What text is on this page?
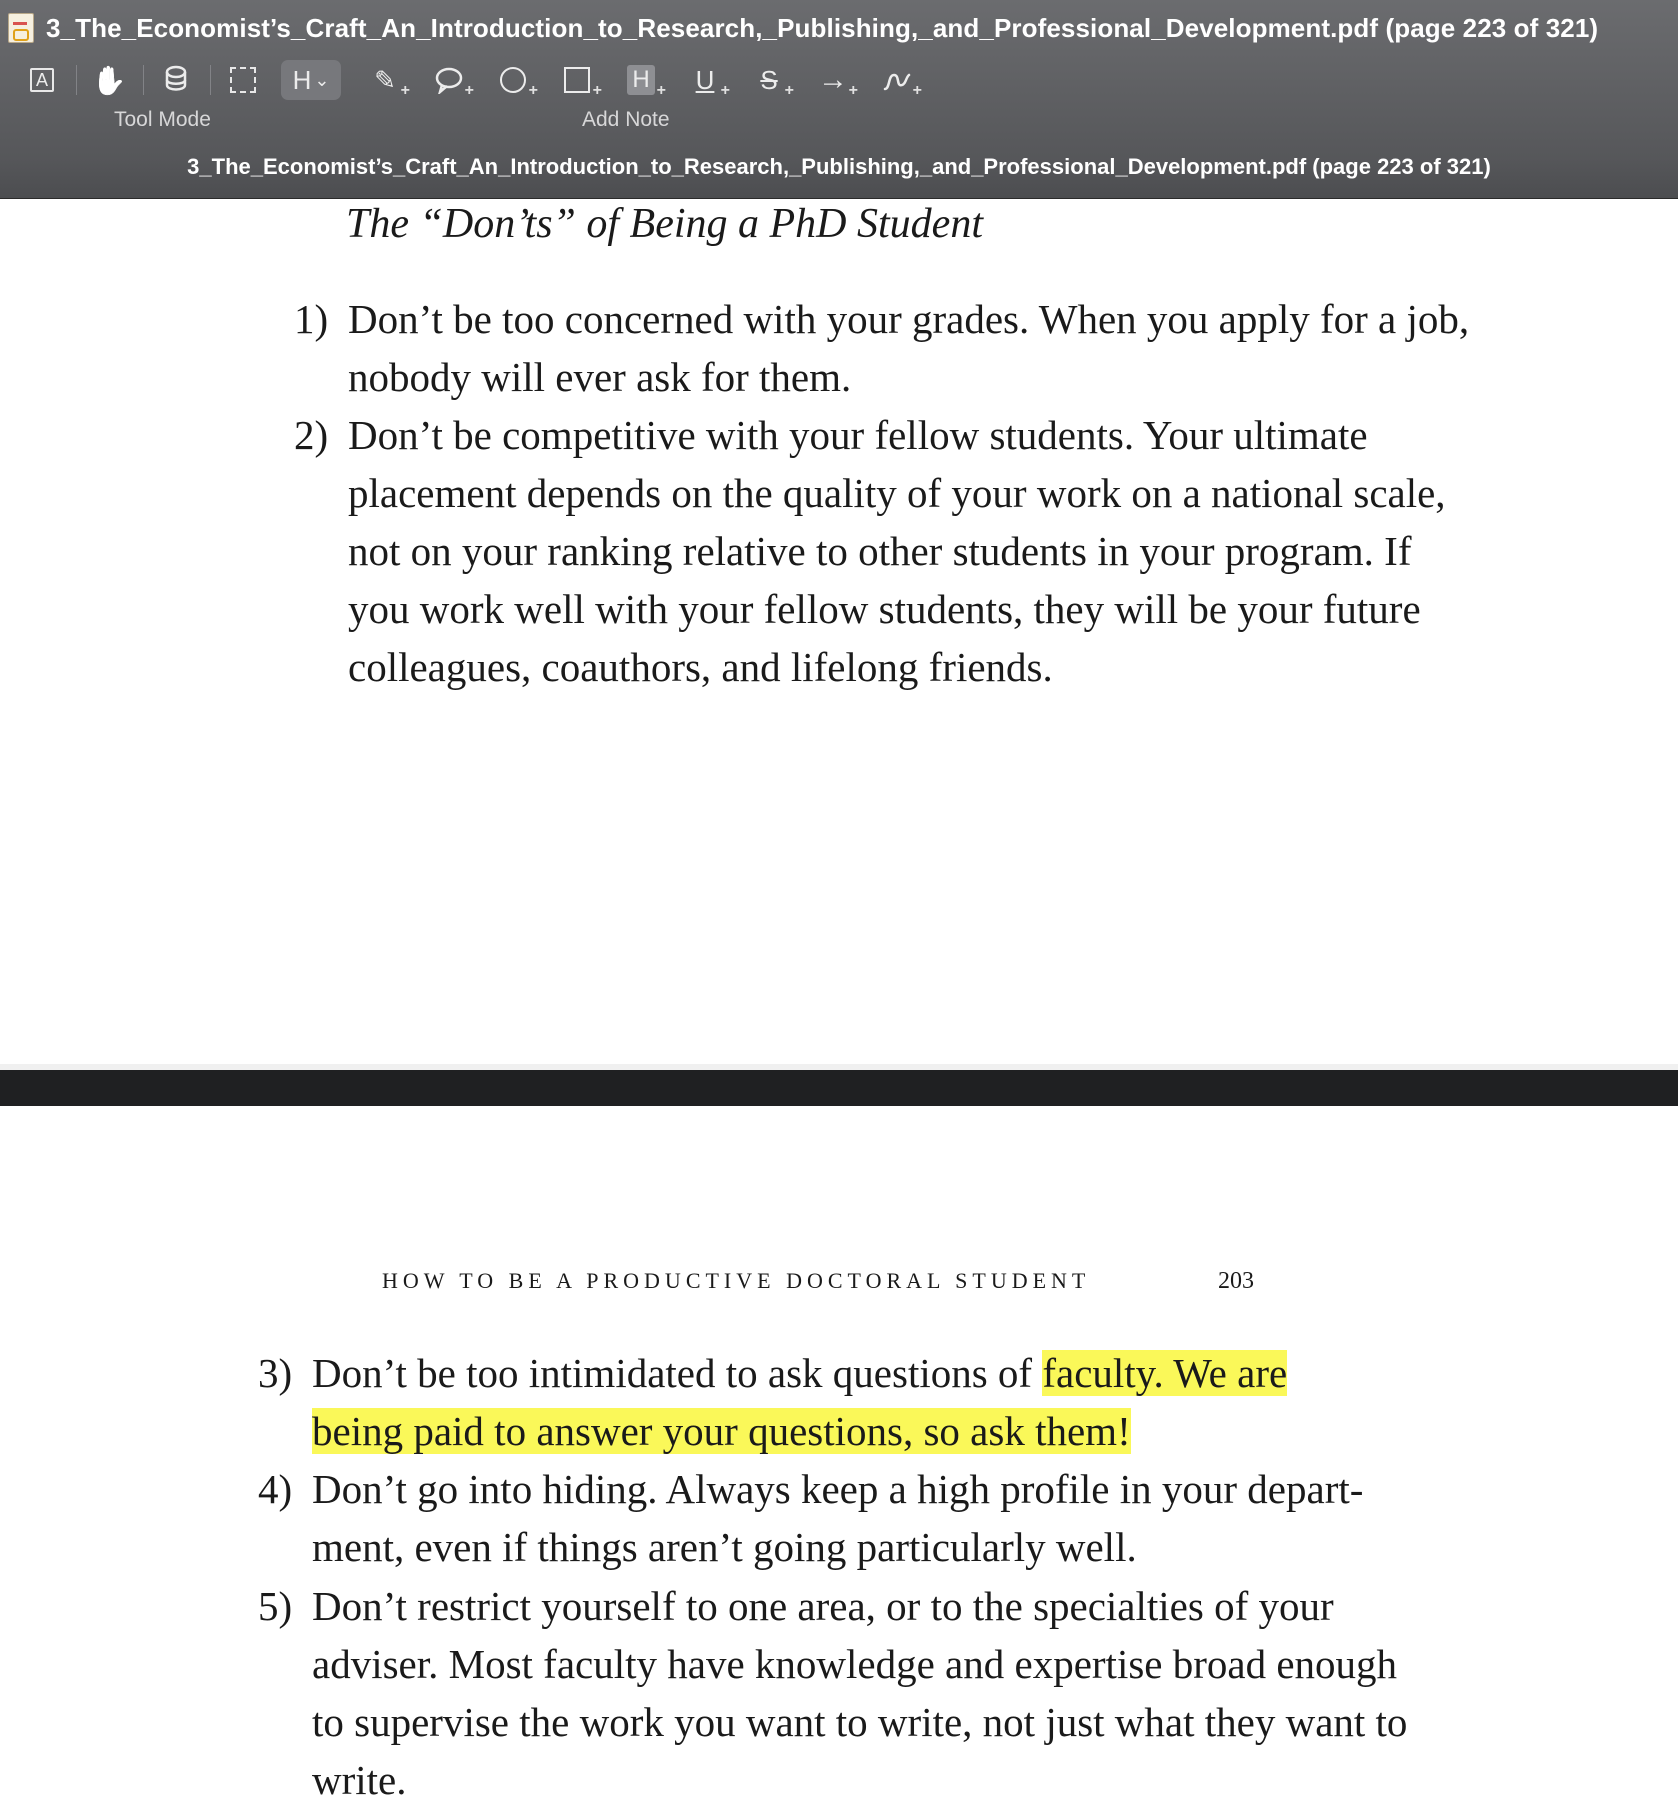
3_The_Economist’s_Craft_An_Introduction_to_Research,_Publishing,_and_Professional_Development.pdf (page 223 of 321)
A ✋	H ⌄ ✎ +	+	+	+ H + U + S + → +	+
Tool Mode	Add Note
3_The_Economist’s_Craft_An_Introduction_to_Research,_Publishing,_and_Professional_Development.pdf (page 223 of 321)
The “Don’ts” of Being a PhD Student
1) Don’t be too concerned with your grades. When you apply for a job, nobody will ever ask for them.
2) Don’t be competitive with your fellow students. Your ultimate placement depends on the quality of your work on a national scale, not on your ranking relative to other students in your program. If you work well with your fellow students, they will be your future colleagues, coauthors, and lifelong friends.
HOW TO BE A PRODUCTIVE DOCTORAL STUDENT	203
3) Don’t be too intimidated to ask questions of faculty. We are
being paid to answer your questions, so ask them!
4) Don’t go into hiding. Always keep a high profile in your depart- ment, even if things aren’t going particularly well.
5) Don’t restrict yourself to one area, or to the specialties of your adviser. Most faculty have knowledge and expertise broad enough to supervise the work you want to write, not just what they want to write.
